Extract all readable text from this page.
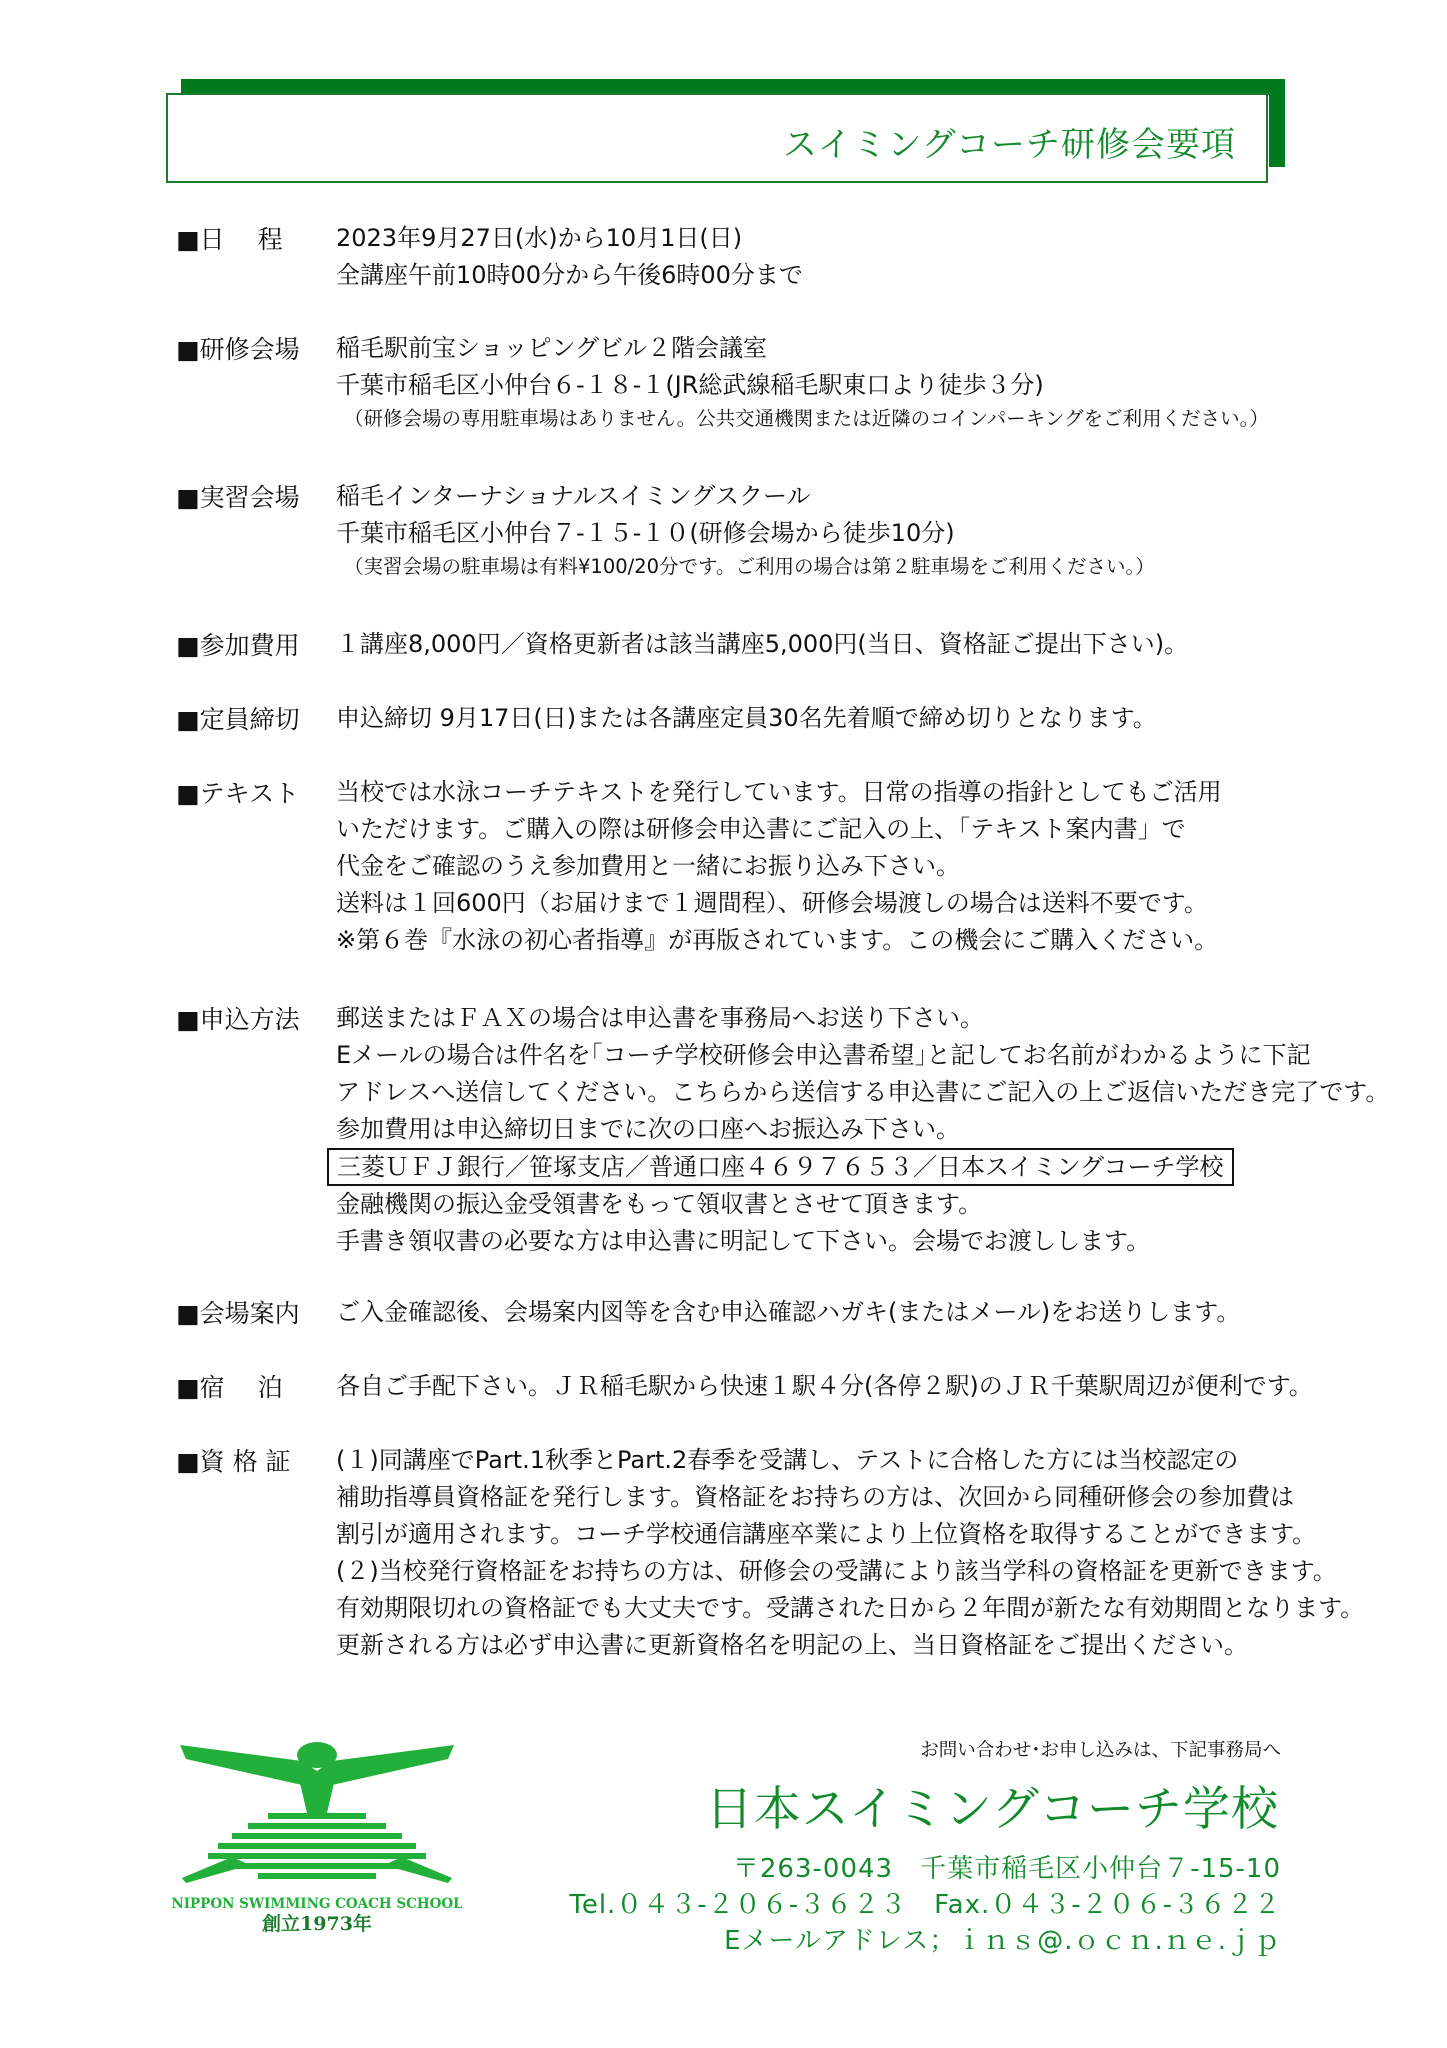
スイミングコーチ研修会要項
■日　 程 2023年9月27日(水)から10月1日(日)
全講座午前10時00分から午後6時00分まで
■研修会場 稲毛駅前宝ショッピングビル２階会議室
千葉市稲毛区小仲台６-１８-１(JR総武線稲毛駅東口より徒歩３分)
（研修会場の専用駐車場はありません。公共交通機関または近隣のコインパーキングをご利用ください。）
■実習会場 稲毛インターナショナルスイミングスクール
千葉市稲毛区小仲台７-１５-１０(研修会場から徒歩10分)
（実習会場の駐車場は有料¥100/20分です。ご利用の場合は第２駐車場をご利用ください。）
■参加費用 １講座8,000円／資格更新者は該当講座5,000円(当日、資格証ご提出下さい)。
■定員締切 申込締切 9月17日(日)または各講座定員30名先着順で締め切りとなります。
■テキスト 当校では水泳コーチテキストを発行しています。日常の指導の指針としてもご活用
いただけます。ご購入の際は研修会申込書にご記入の上、「テキスト案内書」で
代金をご確認のうえ参加費用と一緒にお振り込み下さい。
送料は１回600円（お届けまで１週間程）、研修会場渡しの場合は送料不要です。
※第６巻『水泳の初心者指導』が再版されています。この機会にご購入ください。
■申込方法 郵送またはＦＡＸの場合は申込書を事務局へお送り下さい。
Eメールの場合は件名を｢コーチ学校研修会申込書希望｣と記してお名前がわかるように下記
アドレスへ送信してください。こちらから送信する申込書にご記入の上ご返信いただき完了です。
参加費用は申込締切日までに次の口座へお振込み下さい。
三菱ＵＦＪ銀行／笹塚支店／普通口座４６９７６５３／日本スイミングコーチ学校
金融機関の振込金受領書をもって領収書とさせて頂きます。
手書き領収書の必要な方は申込書に明記して下さい。会場でお渡しします。
■会場案内 ご入金確認後、会場案内図等を含む申込確認ハガキ(またはメール)をお送りします。
■宿　 泊 各自ご手配下さい。ＪＲ稲毛駅から快速１駅４分(各停２駅)のＪＲ千葉駅周辺が便利です。
■資 格 証 (１)同講座でPart.1秋季とPart.2春季を受講し、テストに合格した方には当校認定の
補助指導員資格証を発行します。資格証をお持ちの方は、次回から同種研修会の参加費は
割引が適用されます。コーチ学校通信講座卒業により上位資格を取得することができます。
(２)当校発行資格証をお持ちの方は、研修会の受講により該当学科の資格証を更新できます。
有効期限切れの資格証でも大丈夫です。受講された日から２年間が新たな有効期間となります。
更新される方は必ず申込書に更新資格名を明記の上、当日資格証をご提出ください。
NIPPON SWIMMING COACH SCHOOL
創立1973年
お問い合わせ･お申し込みは、下記事務局へ
日本スイミングコーチ学校
〒263-0043　千葉市稲毛区小仲台７-15-10
Tel.０４３-２０６-３６２３　Fax.０４３-２０６-３６２２
Eメールアドレス；ｉｎｓ@.ｏｃｎ.ｎｅ.ｊｐ
